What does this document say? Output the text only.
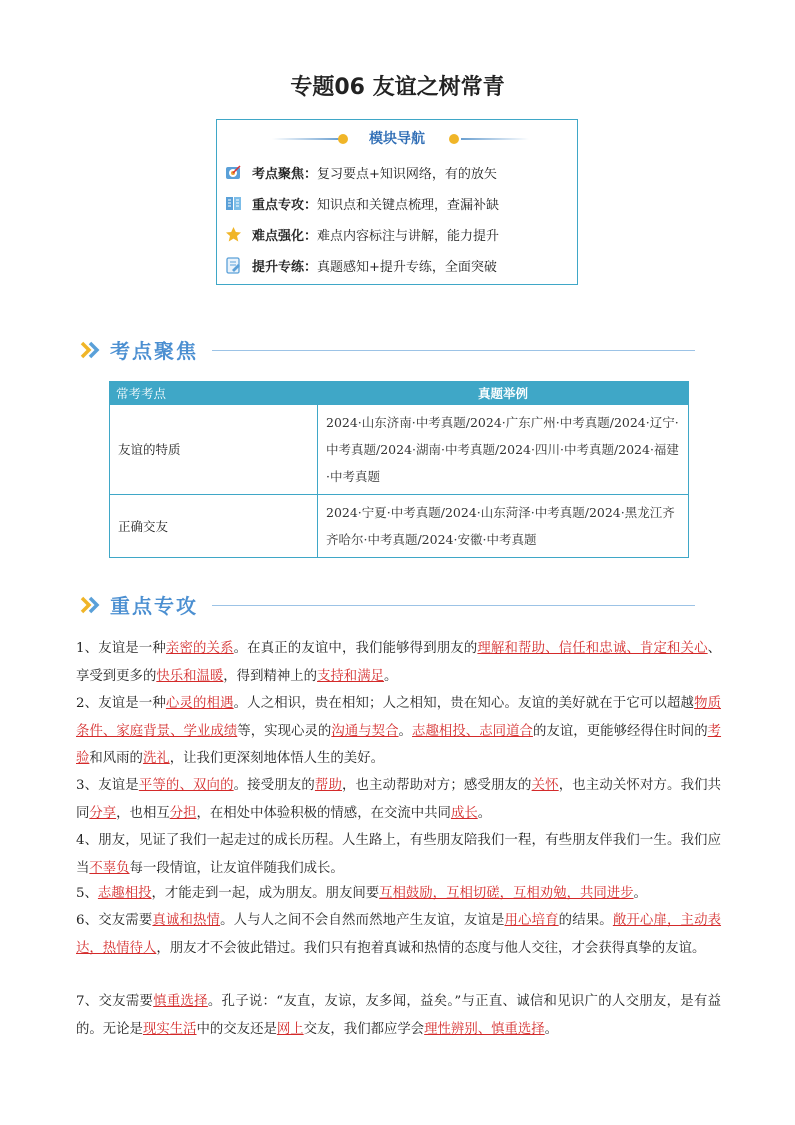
专题06 友谊之树常青
模块导航
考点聚焦： 复习要点+知识网络，有的放矢
重点专攻： 知识点和关键点梳理，查漏补缺
难点强化： 难点内容标注与讲解，能力提升
提升专练： 真题感知+提升专练，全面突破
考点聚焦
常考考点	真题举例
友谊的特质	2024·山东济南·中考真题/2024·广东广州·中考真题/2024·辽宁·中考真题/2024·湖南·中考真题/2024·四川·中考真题/2024·福建·中考真题
正确交友	2024·宁夏·中考真题/2024·山东菏泽·中考真题/2024·黑龙江齐齐哈尔·中考真题/2024·安徽·中考真题
重点专攻
1、友谊是一种亲密的关系。在真正的友谊中，我们能够得到朋友的理解和帮助、信任和忠诚、肯定和关心、享受到更多的快乐和温暖，得到精神上的支持和满足。
2、友谊是一种心灵的相遇。人之相识，贵在相知；人之相知，贵在知心。友谊的美好就在于它可以超越物质条件、家庭背景、学业成绩等，实现心灵的沟通与契合。志趣相投、志同道合的友谊，更能够经得住时间的考验和风雨的洗礼，让我们更深刻地体悟人生的美好。
3、友谊是平等的、双向的。接受朋友的帮助，也主动帮助对方；感受朋友的关怀，也主动关怀对方。我们共同分享，也相互分担，在相处中体验积极的情感，在交流中共同成长。
4、朋友，见证了我们一起走过的成长历程。人生路上，有些朋友陪我们一程，有些朋友伴我们一生。我们应当不辜负每一段情谊，让友谊伴随我们成长。
5、志趣相投，才能走到一起，成为朋友。朋友间要互相鼓励，互相切磋，互相劝勉，共同进步。
6、交友需要真诚和热情。人与人之间不会自然而然地产生友谊，友谊是用心培育的结果。敞开心扉，主动表达，热情待人，朋友才不会彼此错过。我们只有抱着真诚和热情的态度与他人交往，才会获得真挚的友谊。
7、交友需要慎重选择。孔子说：“友直，友谅，友多闻，益矣。”与正直、诚信和见识广的人交朋友，是有益的。无论是现实生活中的交友还是网上交友，我们都应学会理性辨别、慎重选择。
